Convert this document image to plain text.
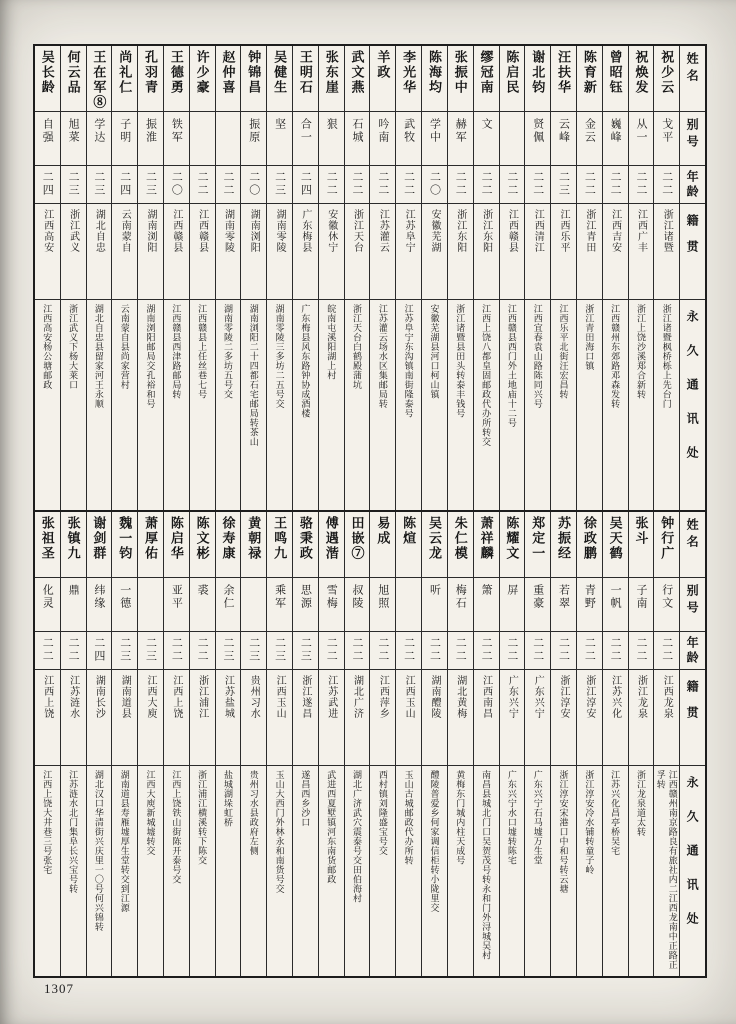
姓名
别号
年龄
籍贯
永久通讯处
祝少云
戈平
二二
浙江诸暨
浙江诸暨枫桥栎上先台门
祝焕发
从一
二二
江西广丰
浙江上饶沙溪郑合新转
曾昭钰
巍峰
二二
江西吉安
江西赣州东郊路邓森发转
陈育新
金云
二二
浙江青田
浙江青田海口镇
汪扶华
云峰
二三
江西乐平
江西乐平北街汪宏昌转
谢北钧
贤佩
二二
江西清江
江西宜春袁山路陈同兴号
陈启民
二二
江西赣县
江西赣县西门外土地庙十二号
缪冠南
文
二二
浙江东阳
江西上饶八都皇固邮政代办所转交
张振中
赫军
二二
浙江东阳
浙江诸暨县田头转泰丰钱号
陈海均
学中
二〇
安徽芜湖
安徽芜湖县河口柯山镇
李光华
武牧
二二
江苏阜宁
江苏阜宁东沟镇南街隆泰号
羊政
吟南
二二
江苏灌云
江苏灌云场水区集邮局转
武文燕
石城
二二
浙江天台
浙江天台白鹤殿蒲坑
张东崖
狠
二二
安徽休宁
皖南屯溪阳湖上村
王明石
合一
二四
广东梅县
广东梅县风东路钟协成酒楼
吴健生
坚
二三
湖南零陵
湖南零陵三多坊二五号交
钟锦昌
振原
二〇
湖南浏阳
湖南浏阳二十四都石宅邮局转茶山
赵仲喜
二二
湖南零陵
湖南零陵二多坊五号交
许少豪
二二
江西赣县
江西赣县上任丝巷七号
王德勇
铁军
二〇
江西赣县
江西赣县西津路邮局转
孔羽青
振淮
二三
湖南浏阳
湖南浏阳邮局交孔裕和号
尚礼仁
子明
二四
云南蒙自
云南蒙自县尚家营村
王在军⑧
学达
二三
湖北自忠
湖北自忠县留家河王永顺
何云品
旭菜
二三
浙江武义
浙江武义下杨大莱口
吴长龄
自强
二四
江西高安
江西高安杨公塘邮政
姓名
别号
年龄
籍贯
永久通讯处
钟行广
行文
二二
江西龙泉
江西赣州南京路良有旅社内二江西龙南中正路正孚转
张斗
子南
二二
浙江龙泉
浙江龙泉道太转
吴天鹤
一帆
二二
江苏兴化
江苏兴化昌亭桥吴宅
徐政鹏
青野
二二
浙江淳安
浙江淳安冷水铺转童子岭
苏振经
若翠
二二
浙江淳安
浙江淳安宋港口中和号转云塘
郑定一
重豪
二二
广东兴宁
广东兴宁石马墟万生堂
陈耀文
屏
二二
广东兴宁
广东兴宁水口墟转陈宅
萧祥麟
箫
二二
江西南昌
南昌县城北门口吴贺茂号转永和门外浔城吴村
朱仁模
梅石
二二
湖北黄梅
黄梅东门城内柱天成号
吴云龙
听
二二
湖南醴陵
醴陵普爱乡何家调信柜转小陇里交
陈煊
二二
江西玉山
玉山古城邮政代办所转
易成
旭照
二二
江西萍乡
西村镇刘隆盛宝号交
田嵌⑦
叔陵
二二
湖北广济
湖北广济武穴震泰号交田伯海村
傅遇湝
雪梅
二二
江苏武进
武进西夏墅镇河东南货邮政
骆秉政
思源
二三
浙江遂昌
遂昌西乡沙口
王鸣九
乘军
二三
江西玉山
玉山大西门外林永和南货号交
黄朝禄
二三
贵州习水
贵州习水县政府左侧
徐寿康
余仁
二三
江苏盐城
盐城湖垛虹桥
陈文彬
裘
二二
浙江浦江
浙江浦江横溪转下陈交
陈启华
亚平
二二
江西上饶
江西上饶铁山街陈开泰号交
萧厚佑
二三
江西大庾
江西大庾新城墟转交
魏一钧
一德
二三
湖南道县
湖南道县寿雁墟厚生堂转交到江源
谢剑群
纬缘
二四
湖南长沙
湖北汉口华清街兴庆里一〇号何兴锦转
张镇九
鼎
二二
江苏涟水
江苏涟水北门集阜长兴宝号转
张祖圣
化灵
二二
江西上饶
江西上饶大井巷三号张宅
1307
